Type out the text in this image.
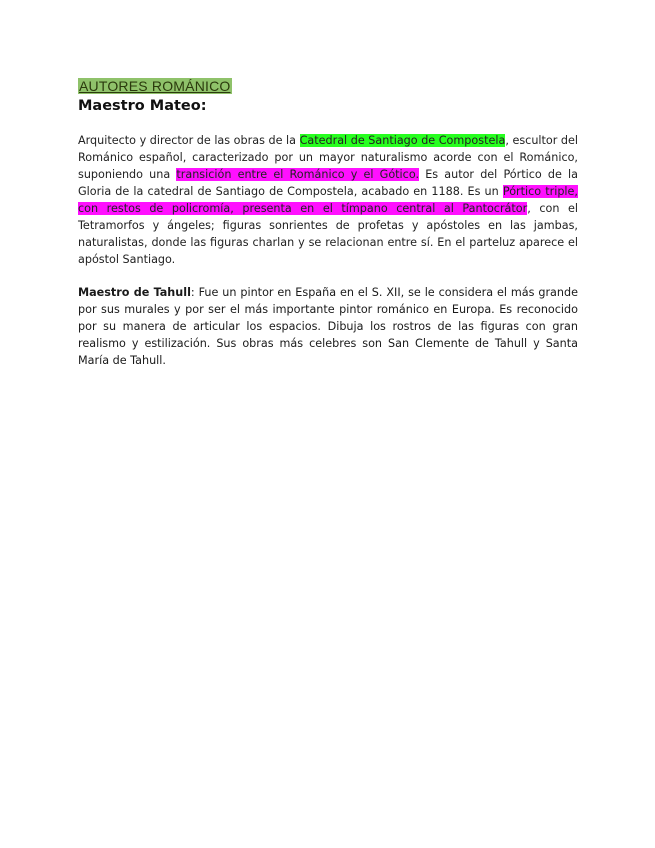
AUTORES ROMÁNICO
Maestro Mateo:

Arquitecto y director de las obras de la Catedral de Santiago de Compostela, escultor del Románico español, caracterizado por un mayor naturalismo acorde con el Románico, suponiendo una transición entre el Románico y el Gótico. Es autor del Pórtico de la Gloria de la catedral de Santiago de Compostela, acabado en 1188. Es un Pórtico triple, con restos de policromía, presenta en el tímpano central al Pantocrátor, con el Tetramorfos y ángeles; figuras sonrientes de profetas y apóstoles en las jambas, naturalistas, donde las figuras charlan y se relacionan entre sí. En el parteluz aparece el apóstol Santiago.

Maestro de Tahull: Fue un pintor en España en el S. XII, se le considera el más grande por sus murales y por ser el más importante pintor románico en Europa. Es reconocido por su manera de articular los espacios. Dibuja los rostros de las figuras con gran realismo y estilización. Sus obras más celebres son San Clemente de Tahull y Santa María de Tahull.
